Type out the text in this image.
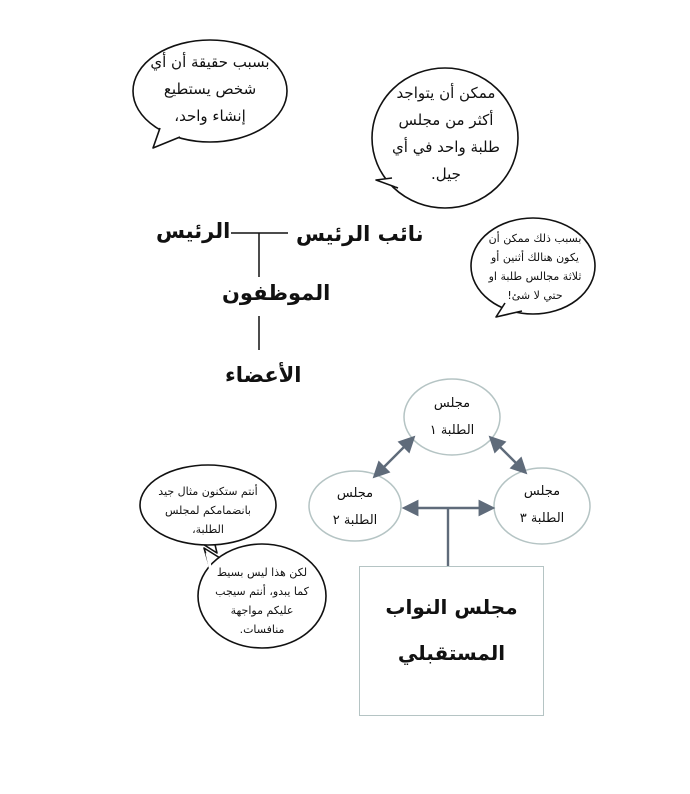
بسبب حقيقة أن أي شخص يستطيع إنشاء واحد،
ممكن أن يتواجد أكثر من مجلس طلبة واحد في أي جيل.
بسبب ذلك ممكن أن يكون هنالك أثنين أو ثلاثة مجالس طلبة او حتي لا شئ!
أنتم ستكنون مثال جيد بانضمامكم لمجلس الطلبة،
لكن هذا ليس بسيط كما يبدو، أنتم سيجب عليكم مواجهة منافسات.
الرئيس	نائب الرئيس
الموظفون
الأعضاء
مجلس الطلبة ١
مجلس الطلبة ٢
مجلس الطلبة ٣
مجلس النواب المستقبلي
